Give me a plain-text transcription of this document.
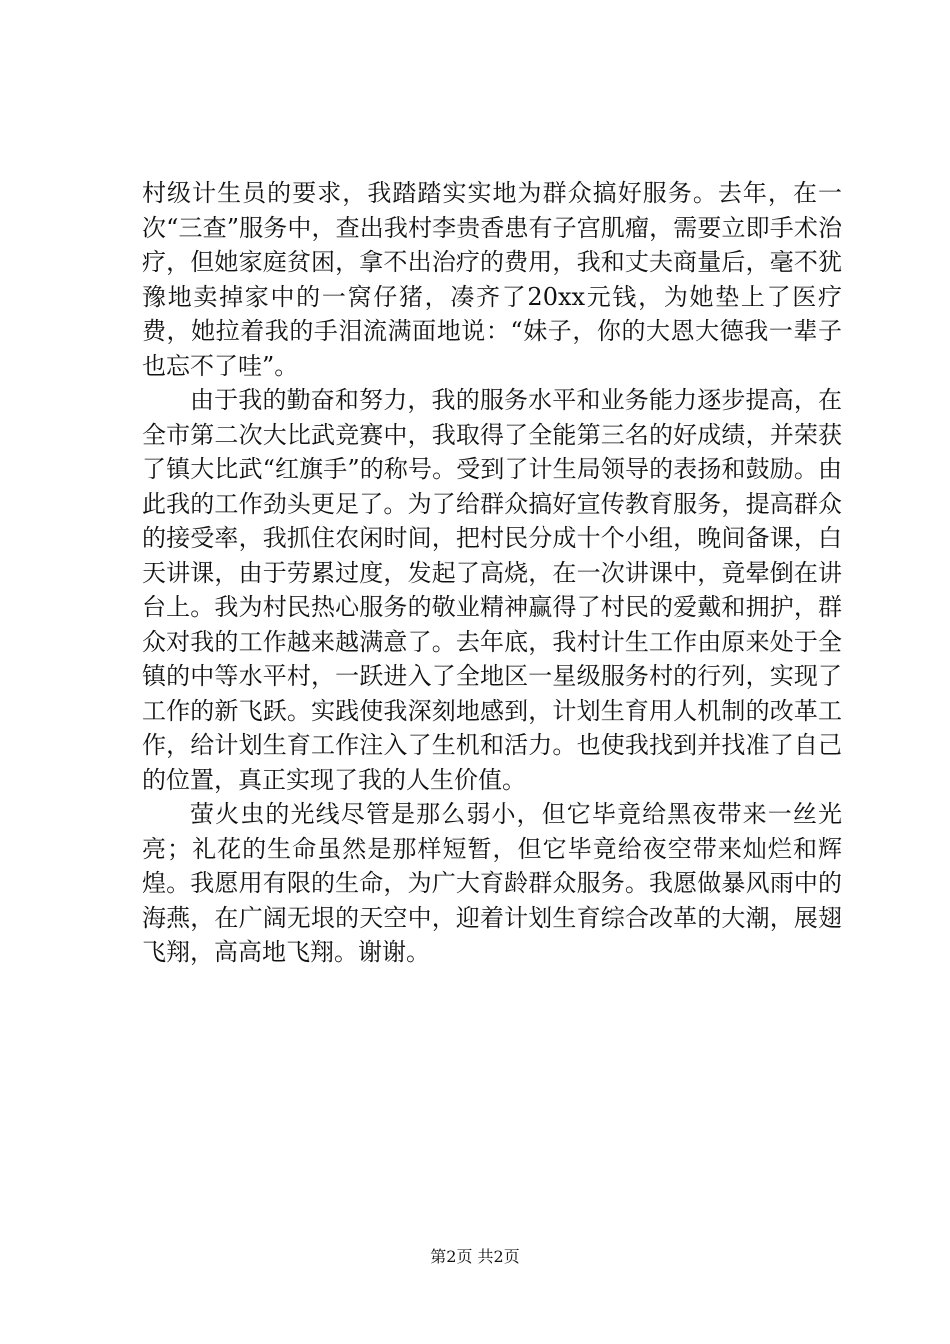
村级计生员的要求，我踏踏实实地为群众搞好服务。去年，在一次“三查”服务中，查出我村李贵香患有子宫肌瘤，需要立即手术治疗，但她家庭贫困，拿不出治疗的费用，我和丈夫商量后，毫不犹豫地卖掉家中的一窝仔猪，凑齐了20xx元钱，为她垫上了医疗费，她拉着我的手泪流满面地说：“妹子，你的大恩大德我一辈子也忘不了哇”。

由于我的勤奋和努力，我的服务水平和业务能力逐步提高，在全市第二次大比武竞赛中，我取得了全能第三名的好成绩，并荣获了镇大比武“红旗手”的称号。受到了计生局领导的表扬和鼓励。由此我的工作劲头更足了。为了给群众搞好宣传教育服务，提高群众的接受率，我抓住农闲时间，把村民分成十个小组，晚间备课，白天讲课，由于劳累过度，发起了高烧，在一次讲课中，竟晕倒在讲台上。我为村民热心服务的敬业精神赢得了村民的爱戴和拥护，群众对我的工作越来越满意了。去年底，我村计生工作由原来处于全镇的中等水平村，一跃进入了全地区一星级服务村的行列，实现了工作的新飞跃。实践使我深刻地感到，计划生育用人机制的改革工作，给计划生育工作注入了生机和活力。也使我找到并找准了自己的位置，真正实现了我的人生价值。

萤火虫的光线尽管是那么弱小，但它毕竟给黑夜带来一丝光亮；礼花的生命虽然是那样短暂，但它毕竟给夜空带来灿烂和辉煌。我愿用有限的生命，为广大育龄群众服务。我愿做暴风雨中的海燕，在广阔无垠的天空中，迎着计划生育综合改革的大潮，展翅飞翔，高高地飞翔。谢谢。

第2页 共2页
